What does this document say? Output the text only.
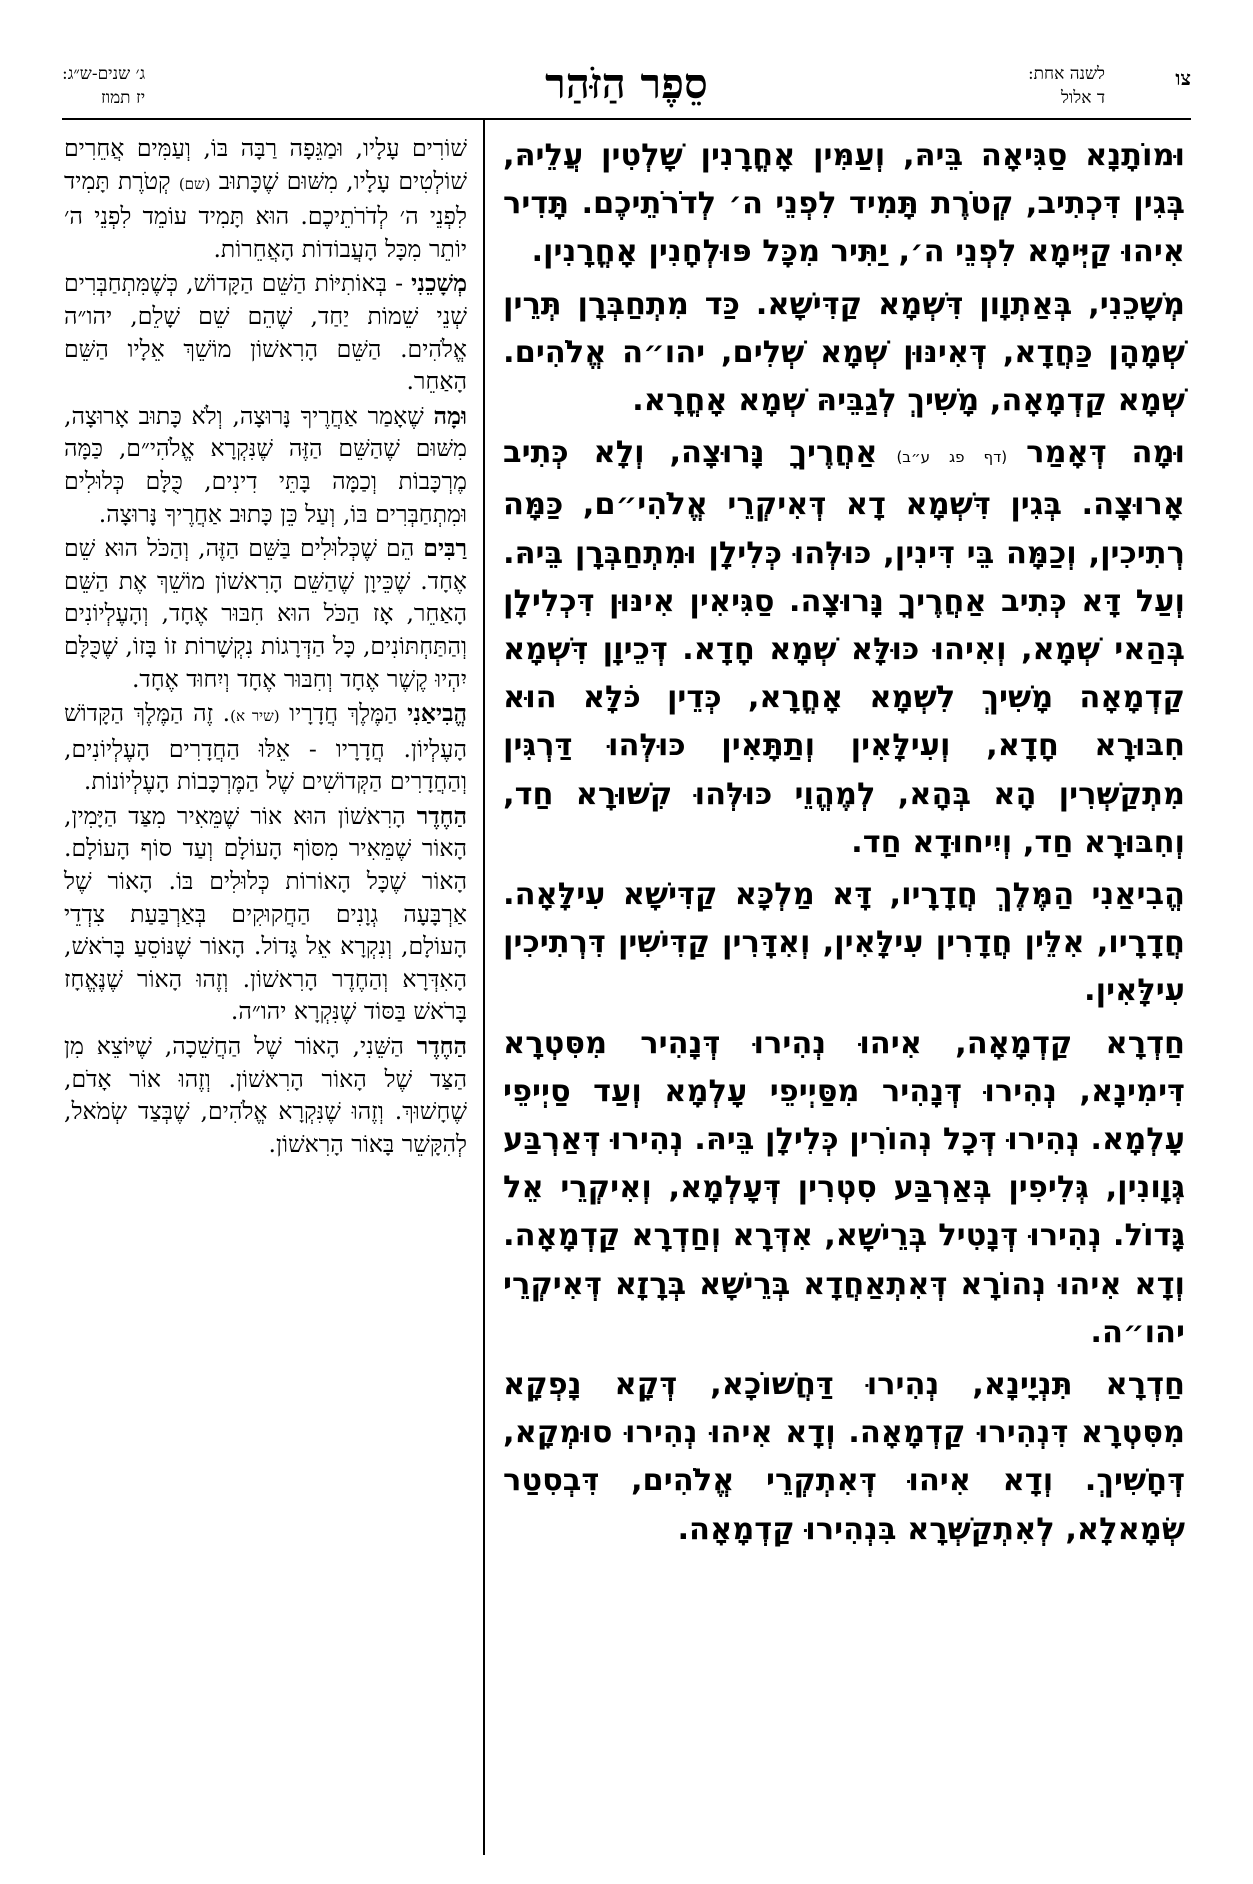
צו
לשנה אחת:
ד אלול
סֵפֶר הַזֹּהַר
ג׳ שנים-ש״ג:
יז תמוז

וּמוֹתָנָא סַגִּיאָה בֵּיהּ, וְעַמִּין אָחֳרָנִין שָׁלְטִין עֲלֵיהּ, בְּגִין דִּכְתִיב, קְטֹרֶת תָּמִיד לִפְנֵי ה׳ לְדֹרֹתֵיכֶם. תָּדִיר אִיהוּ קַיְּימָא לִפְנֵי ה׳, יַתִּיר מִכָּל פּוּלְחָנִין אָחֳרָנִין.

מְשָׁכֵנִי, בְּאַתְוָון דִּשְׁמָא קַדִּישָׁא. כַּד מִתְחַבְּרָן תְּרֵין שְׁמָהָן כַּחֲדָא, דְּאִינּוּן שְׁמָא שְׁלִים, יהו״ה אֱלֹהִים. שְׁמָא קַדְמָאָה, מָשִׁיךְ לְגַבֵּיהּ שְׁמָא אָחֳרָא.

וּמָה דְּאָמַר (דף פג ע״ב) אַחֲרֶיךָ נָּרוּצָה, וְלָא כְּתִיב אָרוּצָה. בְּגִין דִּשְׁמָא דָא דְּאִיקְרֵי אֱלֹהִי״ם, כַּמָּה רְתִיכִין, וְכַמָּה בֵּי דִּינִין, כּוּלְּהוּ כְּלִילָן וּמִתְחַבְּרָן בֵּיהּ. וְעַל דָּא כְּתִיב אַחֲרֶיךָ נָּרוּצָה. סַגִּיאִין אִינּוּן דִּכְלִילָן בְּהַאי שְׁמָא, וְאִיהוּ כּוּלָּא שְׁמָא חָדָא. דְּכֵיוָן דִּשְׁמָא קַדְמָאָה מָשִׁיךְ לִשְׁמָא אָחֳרָא, כְּדֵין כֹּלָּא הוּא חִבּוּרָא חָדָא, וְעִילָּאִין וְתַתָּאִין כּוּלְּהוּ דַּרְגִּין מִתְקַשְּׁרִין הָא בְּהָא, לְמֶהֱוֵי כּוּלְּהוּ קִשּׁוּרָא חַד, וְחִבּוּרָא חַד, וְיִיחוּדָא חַד.

הֱבִיאַנִי הַמֶּלֶךְ חֲדָרָיו, דָּא מַלְכָּא קַדִּישָׁא עִילָּאָה. חֲדָרָיו, אִלֵּין חֲדָרִין עִילָּאִין, וְאִדָּרִין קַדִּישִׁין דִּרְתִיכִין עִילָּאִין.

חַדְרָא קַדְמָאָה, אִיהוּ נְהִירוּ דְּנָהִיר מִסִּטְרָא דִּימִינָא, נְהִירוּ דְּנָהִיר מִסַּיְיפֵי עָלְמָא וְעַד סַיְיפֵי עָלְמָא. נְהִירוּ דְּכָל נְהוֹרִין כְּלִילָן בֵּיהּ. נְהִירוּ דְּאַרְבַּע גְּוָונִין, גְּלִיפִין בְּאַרְבַּע סִטְרִין דְּעָלְמָא, וְאִיקְרֵי אֵל גָּדוֹל. נְהִירוּ דְּנָטִיל בְּרֵישָׁא, אִדְּרָא וְחַדְרָא קַדְמָאָה. וְדָא אִיהוּ נְהוֹרָא דְּאִתְאַחֲדָא בְּרֵישָׁא בְּרָזָא דְּאִיקְרֵי יהו״ה.

חַדְרָא תִּנְיָינָא, נְהִירוּ דַּחֲשׁוֹכָא, דְּקָא נָפְקָא מִסִּטְרָא דִּנְהִירוּ קַדְמָאָה. וְדָא אִיהוּ נְהִירוּ סוּמְקָא, דְּחָשִׁיךְ. וְדָא אִיהוּ דְּאִתְקְרֵי אֱלֹהִים, דִּבְסִטַר שְׂמָאלָא, לְאִתְקַשְּׁרָא בִּנְהִירוּ קַדְמָאָה.

שׁוֹרִים עָלָיו, וּמַגֵּפָה רַבָּה בּוֹ, וְעַמִּים אֲחֵרִים שׁוֹלְטִים עָלָיו, מִשּׁוּם שֶׁכָּתוּב (שם) קְטֹרֶת תָּמִיד לִפְנֵי ה׳ לְדֹרֹתֵיכֶם. הוּא תָּמִיד עוֹמֵד לִפְנֵי ה׳ יוֹתֵר מִכָּל הָעֲבוֹדוֹת הָאֲחֵרוֹת.

מְשָׁכֵנִי - בְּאוֹתִיּוֹת הַשֵּׁם הַקָּדוֹשׁ, כְּשֶׁמִּתְחַבְּרִים שְׁנֵי שֵׁמוֹת יַחַד, שֶׁהֵם שֵׁם שָׁלֵם, יהו״ה אֱלֹהִים. הַשֵּׁם הָרִאשׁוֹן מוֹשֵׁךְ אֵלָיו הַשֵּׁם הָאַחֵר.

וּמָה שֶׁאָמַר אַחֲרֶיךָ נָּרוּצָה, וְלֹא כָּתוּב אָרוּצָה, מִשּׁוּם שֶׁהַשֵּׁם הַזֶּה שֶׁנִּקְרָא אֱלֹהִי״ם, כַּמָּה מֶרְכָּבוֹת וְכַמָּה בָּתֵּי דִינִים, כֻּלָּם כְּלוּלִים וּמִתְחַבְּרִים בּוֹ, וְעַל כֵּן כָּתוּב אַחֲרֶיךָ נָּרוּצָה.

רַבִּים הֵם שֶׁכְּלוּלִים בַּשֵּׁם הַזֶּה, וְהַכֹּל הוּא שֵׁם אֶחָד. שֶׁכֵּיוָן שֶׁהַשֵּׁם הָרִאשׁוֹן מוֹשֵׁךְ אֶת הַשֵּׁם הָאַחֵר, אָז הַכֹּל הוּא חִבּוּר אֶחָד, וְהָעֶלְיוֹנִים וְהַתַּחְתּוֹנִים, כָּל הַדְּרָגוֹת נִקְשָׁרוֹת זוֹ בָּזוֹ, שֶׁכֻּלָּם יִהְיוּ קֶשֶׁר אֶחָד וְחִבּוּר אֶחָד וְיִחוּד אֶחָד.

הֱבִיאַנִי הַמֶּלֶךְ חֲדָרָיו (שיר א). זֶה הַמֶּלֶךְ הַקָּדוֹשׁ הָעֶלְיוֹן. חֲדָרָיו - אֵלּוּ הַחֲדָרִים הָעֶלְיוֹנִים, וְהַחֲדָרִים הַקְּדוֹשִׁים שֶׁל הַמֶּרְכָּבוֹת הָעֶלְיוֹנוֹת.

הַחֶדֶר הָרִאשׁוֹן הוּא אוֹר שֶׁמֵּאִיר מִצַּד הַיָּמִין, הָאוֹר שֶׁמֵּאִיר מִסּוֹף הָעוֹלָם וְעַד סוֹף הָעוֹלָם. הָאוֹר שֶׁכָּל הָאוֹרוֹת כְּלוּלִים בּוֹ. הָאוֹר שֶׁל אַרְבָּעָה גְוָנִים הַחֲקוּקִים בְּאַרְבַּעַת צִדְדֵי הָעוֹלָם, וְנִקְרָא אֵל גָּדוֹל. הָאוֹר שֶׁנּוֹסֵעַ בָּרֹאשׁ, הָאִדְּרָא וְהַחֶדֶר הָרִאשׁוֹן. וְזֶהוּ הָאוֹר שֶׁנֶּאֱחָז בָּרֹאשׁ בַּסּוֹד שֶׁנִּקְרָא יהו״ה.

הַחֶדֶר הַשֵּׁנִי, הָאוֹר שֶׁל הַחֲשֵׁכָה, שֶׁיּוֹצֵא מִן הַצַּד שֶׁל הָאוֹר הָרִאשׁוֹן. וְזֶהוּ אוֹר אָדֹם, שֶׁחָשׁוּךְ. וְזֶהוּ שֶׁנִּקְרָא אֱלֹהִים, שֶׁבְּצַד שְׂמֹאל, לְהִקָּשֵׁר בָּאוֹר הָרִאשׁוֹן.
